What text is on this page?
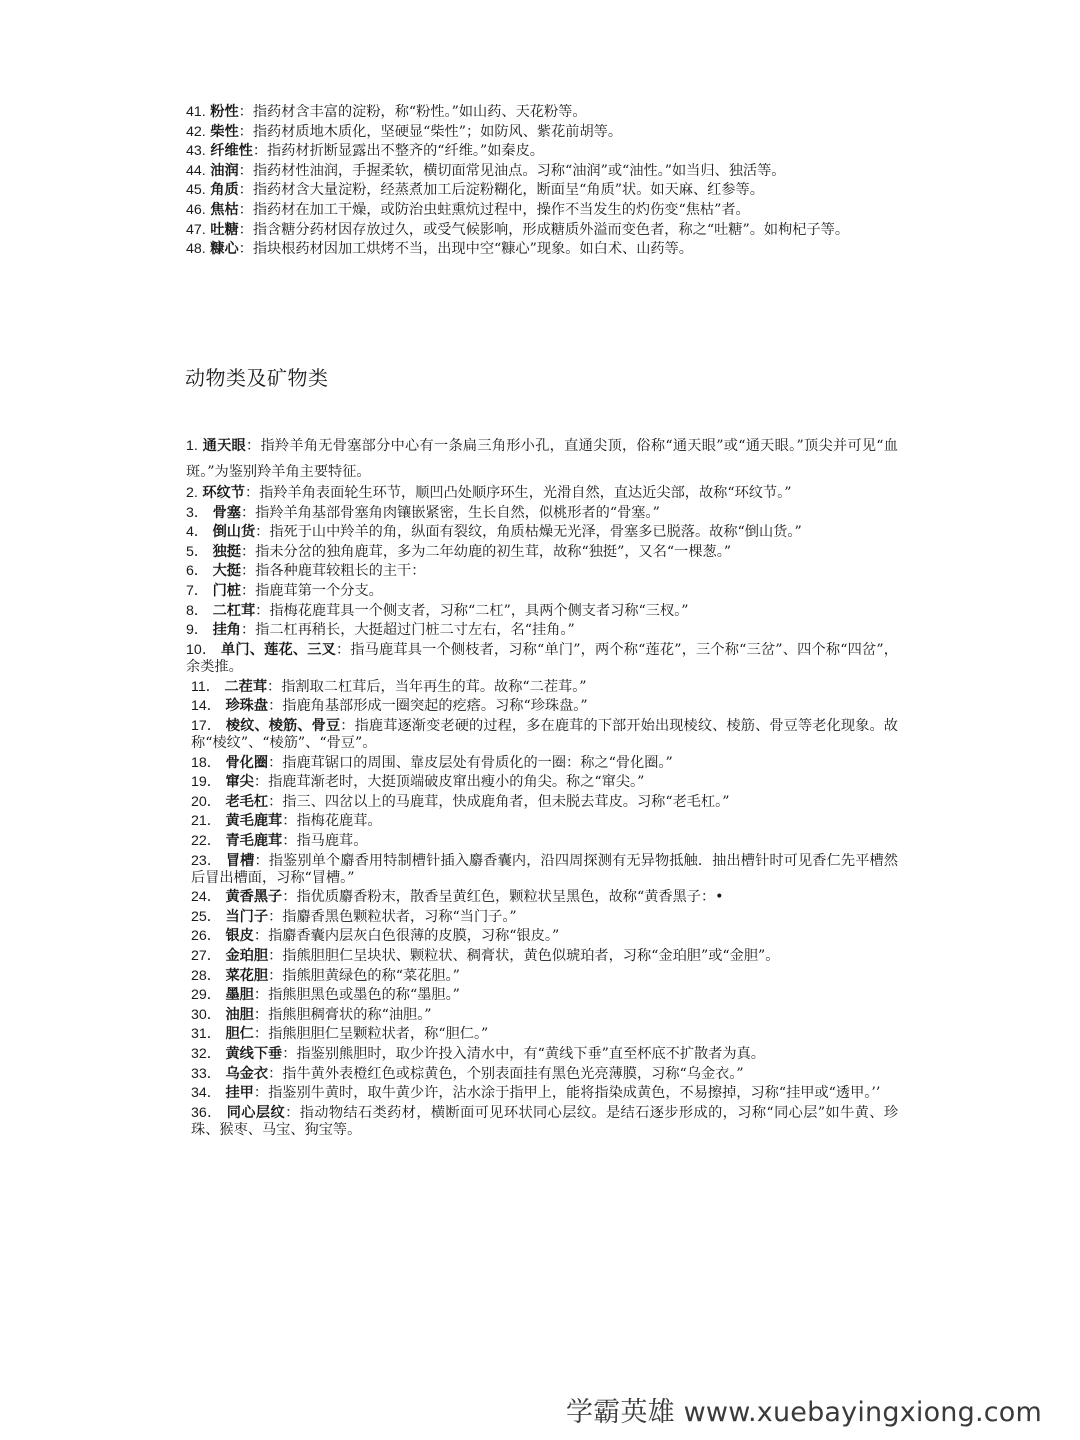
41. 粉性：指药材含丰富的淀粉，称“粉性。”如山药、天花粉等。
42. 柴性：指药材质地木质化，坚硬显“柴性”；如防风、紫花前胡等。
43. 纤维性：指药材折断显露出不整齐的“纤维。”如秦皮。
44. 油润：指药材性油润，手握柔软，横切面常见油点。习称“油润”或“油性。”如当归、独活等。
45. 角质：指药材含大量淀粉，经蒸煮加工后淀粉糊化，断面呈“角质”状。如天麻、红参等。
46. 焦枯：指药材在加工干燥，或防治虫蛀熏炕过程中，操作不当发生的灼伤变“焦枯”者。
47. 吐糖：指含糖分药材因存放过久，或受气候影响，形成糖质外溢而变色者，称之“吐糖”。如枸杞子等。
48. 糠心：指块根药材因加工烘烤不当，出现中空“糠心”现象。如白术、山药等。
动物类及矿物类
1. 通天眼：指羚羊角无骨塞部分中心有一条扁三角形小孔，直通尖顶，俗称“通天眼”或“通天眼。”顶尖并可见“血斑。”为鉴别羚羊角主要特征。
2. 环纹节：指羚羊角表面轮生环节，顺凹凸处顺序环生，光滑自然，直达近尖部，故称“环纹节。”
3． 骨塞：指羚羊角基部骨塞角肉镶嵌紧密，生长自然，似桃形者的“骨塞。”
4． 倒山货：指死于山中羚羊的角，纵面有裂纹，角质枯燥无光泽，骨塞多已脱落。故称“倒山货。”
5． 独挺：指未分岔的独角鹿茸，多为二年幼鹿的初生茸，故称“独挺”，又名“一棵葱。”
6． 大挺：指各种鹿茸较粗长的主干：
7． 门桩：指鹿茸第一个分支。
8． 二杠茸：指梅花鹿茸具一个侧支者，习称“二杠”，具两个侧支者习称“三杈。”
9． 挂角：指二杠再稍长，大挺超过门桩二寸左右，名“挂角。”
10． 单门、莲花、三叉：指马鹿茸具一个侧枝者，习称“单门”，两个称“莲花”，三个称“三岔”、四个称“四岔”，余类推。
11． 二茬茸：指割取二杠茸后，当年再生的茸。故称“二茬茸。”
14． 珍珠盘：指鹿角基部形成一圈突起的疙瘩。习称“珍珠盘。”
17． 棱纹、棱筋、骨豆：指鹿茸逐渐变老硬的过程，多在鹿茸的下部开始出现棱纹、棱筋、骨豆等老化现象。故称“棱纹”、“棱筋”、“骨豆”。
18． 骨化圈：指鹿茸锯口的周围、靠皮层处有骨质化的一圈：称之“骨化圈。”
19． 窜尖：指鹿茸渐老时，大挺顶端破皮窜出瘦小的角尖。称之“窜尖。”
20． 老毛杠：指三、四岔以上的马鹿茸，快成鹿角者，但未脱去茸皮。习称“老毛杠。”
21． 黄毛鹿茸：指梅花鹿茸。
22． 青毛鹿茸：指马鹿茸。
23． 冒槽：指鉴别单个麝香用特制槽针插入麝香囊内，沿四周探测有无异物抵触．抽出槽针时可见香仁先平槽然后冒出槽面，习称“冒槽。”
24． 黄香黑子：指优质麝香粉末，散香呈黄红色，颗粒状呈黑色，故称“黄香黑子：•
25． 当门子：指麝香黑色颗粒状者，习称“当门子。”
26． 银皮：指麝香囊内层灰白色很薄的皮膜，习称“银皮。”
27． 金珀胆：指熊胆胆仁呈块状、颗粒状、稠膏状，黄色似琥珀者，习称“金珀胆”或“金胆”。
28． 菜花胆：指熊胆黄绿色的称“菜花胆。”
29． 墨胆：指熊胆黑色或墨色的称“墨胆。”
30． 油胆：指熊胆稠膏状的称“油胆。”
31． 胆仁：指熊胆胆仁呈颗粒状者，称“胆仁。”
32． 黄线下垂：指鉴别熊胆时，取少许投入清水中，有“黄线下垂”直至杯底不扩散者为真。
33． 乌金衣：指牛黄外表橙红色或棕黄色，个别表面挂有黑色光亮薄膜，习称“乌金衣。”
34． 挂甲：指鉴别牛黄时，取牛黄少许，沾水涂于指甲上，能将指染成黄色，不易擦掉，习称“挂甲或“透甲。’’
36． 同心层纹：指动物结石类药材，横断面可见环状同心层纹。是结石逐步形成的，习称“同心层”如牛黄、珍珠、猴枣、马宝、狗宝等。
学霸英雄 www.xuebayingxiong.com
